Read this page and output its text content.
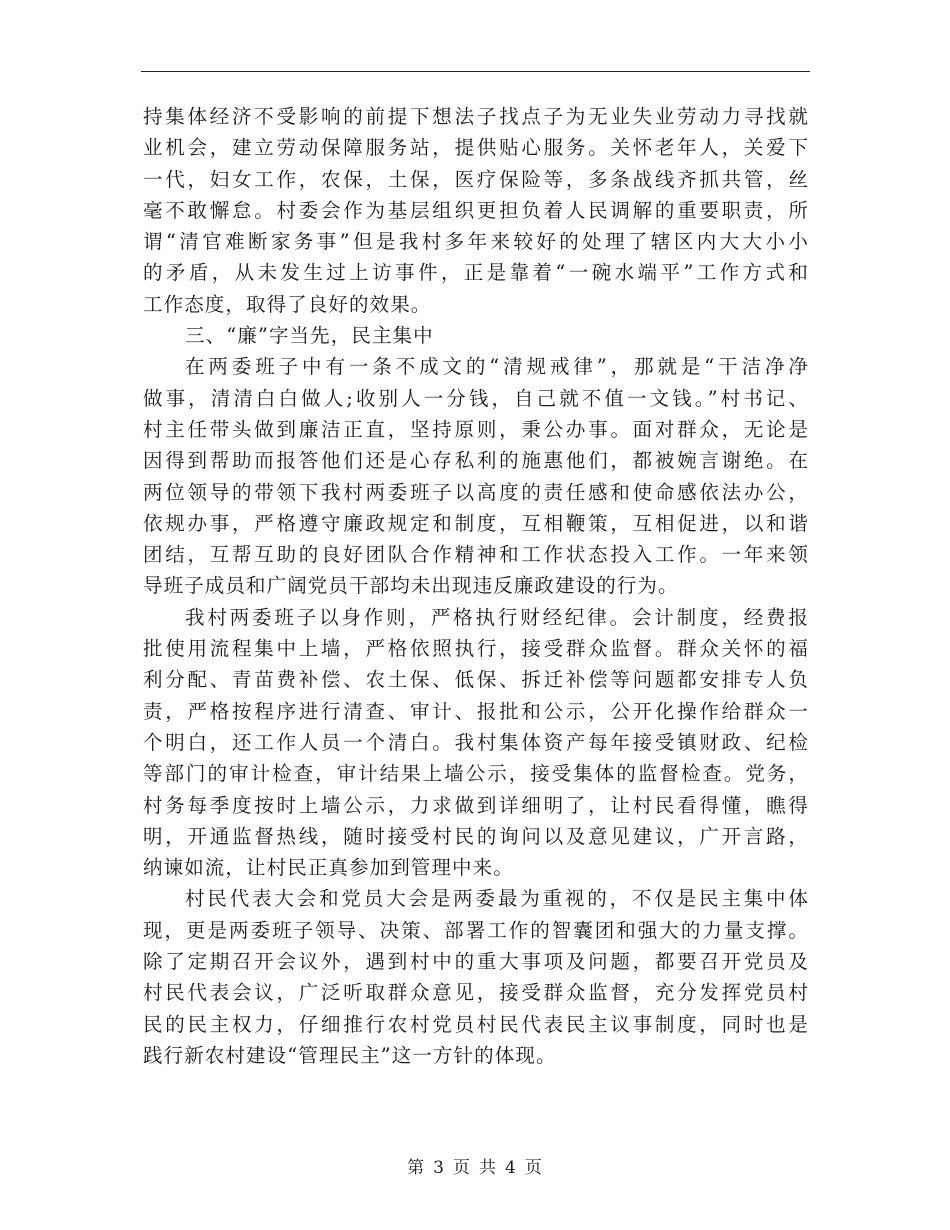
持集体经济不受影响的前提下想法子找点子为无业失业劳动力寻找就
业机会，建立劳动保障服务站，提供贴心服务。关怀老年人，关爱下
一代，妇女工作，农保，土保，医疗保险等，多条战线齐抓共管，丝
毫不敢懈怠。村委会作为基层组织更担负着人民调解的重要职责，所
谓“清官难断家务事”但是我村多年来较好的处理了辖区内大大小小
的矛盾，从未发生过上访事件，正是靠着“一碗水端平”工作方式和
工作态度，取得了良好的效果。
三、“廉”字当先，民主集中
在两委班子中有一条不成文的“清规戒律”，那就是“干洁净净
做事，清清白白做人;收别人一分钱，自己就不值一文钱。”村书记、
村主任带头做到廉洁正直，坚持原则，秉公办事。面对群众，无论是
因得到帮助而报答他们还是心存私利的施惠他们，都被婉言谢绝。在
两位领导的带领下我村两委班子以高度的责任感和使命感依法办公，
依规办事，严格遵守廉政规定和制度，互相鞭策，互相促进，以和谐
团结，互帮互助的良好团队合作精神和工作状态投入工作。一年来领
导班子成员和广阔党员干部均未出现违反廉政建设的行为。
我村两委班子以身作则，严格执行财经纪律。会计制度，经费报
批使用流程集中上墙，严格依照执行，接受群众监督。群众关怀的福
利分配、青苗费补偿、农土保、低保、拆迁补偿等问题都安排专人负
责，严格按程序进行清查、审计、报批和公示，公开化操作给群众一
个明白，还工作人员一个清白。我村集体资产每年接受镇财政、纪检
等部门的审计检查，审计结果上墙公示，接受集体的监督检查。党务，
村务每季度按时上墙公示，力求做到详细明了，让村民看得懂，瞧得
明，开通监督热线，随时接受村民的询问以及意见建议，广开言路，
纳谏如流，让村民正真参加到管理中来。
村民代表大会和党员大会是两委最为重视的，不仅是民主集中体
现，更是两委班子领导、决策、部署工作的智囊团和强大的力量支撑。
除了定期召开会议外，遇到村中的重大事项及问题，都要召开党员及
村民代表会议，广泛听取群众意见，接受群众监督，充分发挥党员村
民的民主权力，仔细推行农村党员村民代表民主议事制度，同时也是
践行新农村建设“管理民主”这一方针的体现。
第 3 页 共 4 页
